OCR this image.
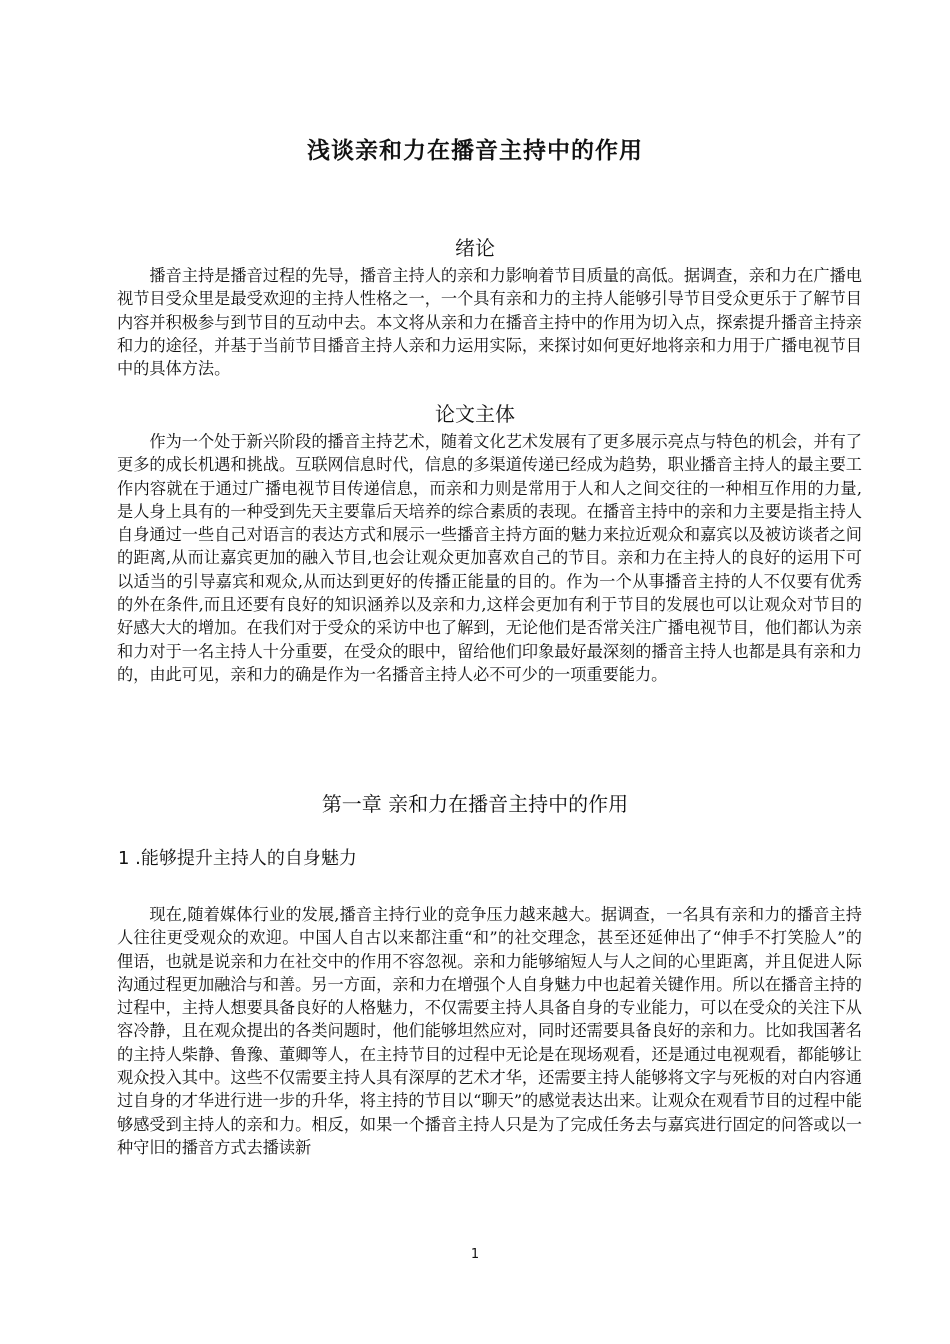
浅谈亲和力在播音主持中的作用
绪论

播音主持是播音过程的先导，播音主持人的亲和力影响着节目质量的高低。据调查，亲和力在广播电视节目受众里是最受欢迎的主持人性格之一，一个具有亲和力的主持人能够引导节目受众更乐于了解节目内容并积极参与到节目的互动中去。本文将从亲和力在播音主持中的作用为切入点，探索提升播音主持亲和力的途径，并基于当前节目播音主持人亲和力运用实际，来探讨如何更好地将亲和力用于广播电视节目中的具体方法。

论文主体

作为一个处于新兴阶段的播音主持艺术，随着文化艺术发展有了更多展示亮点与特色的机会，并有了更多的成长机遇和挑战。互联网信息时代，信息的多渠道传递已经成为趋势，职业播音主持人的最主要工作内容就在于通过广播电视节目传递信息，而亲和力则是常用于人和人之间交往的一种相互作用的力量,是人身上具有的一种受到先天主要靠后天培养的综合素质的表现。在播音主持中的亲和力主要是指主持人自身通过一些自己对语言的表达方式和展示一些播音主持方面的魅力来拉近观众和嘉宾以及被访谈者之间的距离,从而让嘉宾更加的融入节目,也会让观众更加喜欢自己的节目。亲和力在主持人的良好的运用下可以适当的引导嘉宾和观众,从而达到更好的传播正能量的目的。作为一个从事播音主持的人不仅要有优秀的外在条件,而且还要有良好的知识涵养以及亲和力,这样会更加有利于节目的发展也可以让观众对节目的好感大大的增加。在我们对于受众的采访中也了解到，无论他们是否常关注广播电视节目，他们都认为亲和力对于一名主持人十分重要，在受众的眼中，留给他们印象最好最深刻的播音主持人也都是具有亲和力的，由此可见，亲和力的确是作为一名播音主持人必不可少的一项重要能力。

第一章 亲和力在播音主持中的作用
1 .能够提升主持人的自身魅力

现在,随着媒体行业的发展,播音主持行业的竞争压力越来越大。据调查，一名具有亲和力的播音主持人往往更受观众的欢迎。中国人自古以来都注重“和”的社交理念，甚至还延伸出了“伸手不打笑脸人”的俚语，也就是说亲和力在社交中的作用不容忽视。亲和力能够缩短人与人之间的心里距离，并且促进人际沟通过程更加融洽与和善。另一方面，亲和力在增强个人自身魅力中也起着关键作用。所以在播音主持的过程中，主持人想要具备良好的人格魅力，不仅需要主持人具备自身的专业能力，可以在受众的关注下从容冷静，且在观众提出的各类问题时，他们能够坦然应对，同时还需要具备良好的亲和力。比如我国著名的主持人柴静、鲁豫、董卿等人，在主持节目的过程中无论是在现场观看，还是通过电视观看，都能够让观众投入其中。这些不仅需要主持人具有深厚的艺术才华，还需要主持人能够将文字与死板的对白内容通过自身的才华进行进一步的升华，将主持的节目以“聊天”的感觉表达出来。让观众在观看节目的过程中能够感受到主持人的亲和力。相反，如果一个播音主持人只是为了完成任务去与嘉宾进行固定的问答或以一种守旧的播音方式去播读新

1
